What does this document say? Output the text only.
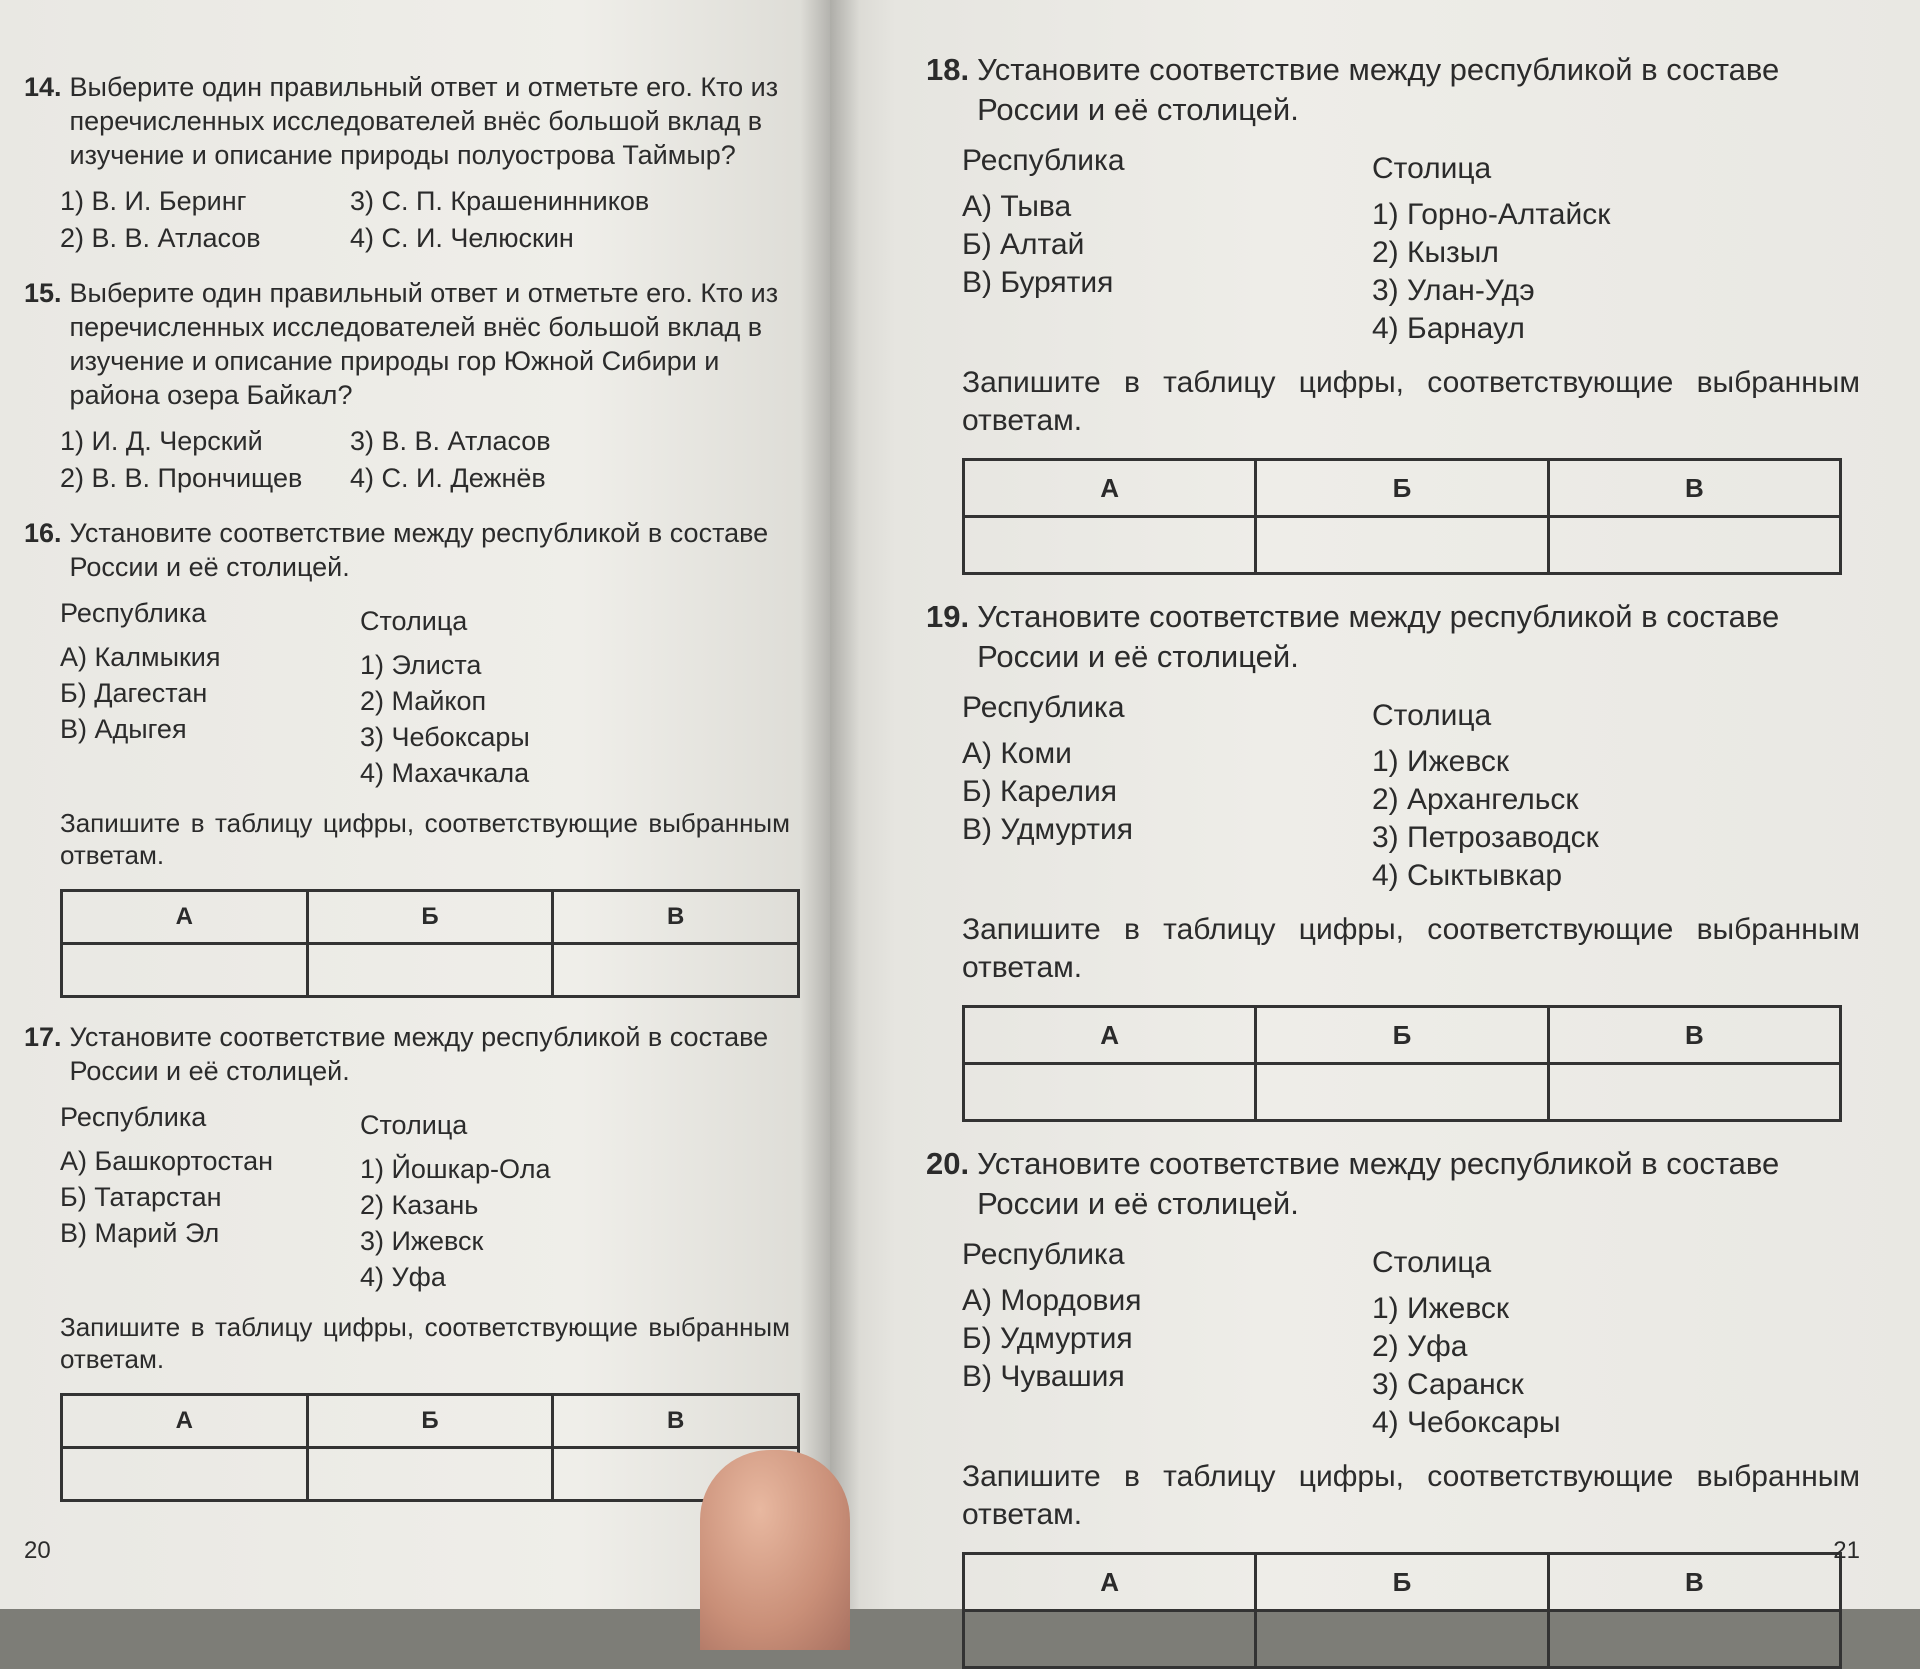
14. Выберите один правильный ответ и отметьте его. Кто из перечисленных исследователей внёс большой вклад в изучение и описание природы полуострова Таймыр?
1) В. И. Беринг	3) С. П. Крашенинников
2) В. В. Атласов	4) С. И. Челюскин
15. Выберите один правильный ответ и отметьте его. Кто из перечисленных исследователей внёс большой вклад в изучение и описание природы гор Южной Сибири и района озера Байкал?
1) И. Д. Черский	3) В. В. Атласов
2) В. В. Прончищев	4) С. И. Дежнёв
16. Установите соответствие между республикой в составе России и её столицей.
Республика
А) Калмыкия
Б) Дагестан
В) Адыгея
Столица
1) Элиста
2) Майкоп
3) Чебоксары
4) Махачкала
Запишите в таблицу цифры, соответствующие выбранным ответам.
А	Б	В

17. Установите соответствие между республикой в составе России и её столицей.
Республика
А) Башкортостан
Б) Татарстан
В) Марий Эл
Столица
1) Йошкар-Ола
2) Казань
3) Ижевск
4) Уфа
Запишите в таблицу цифры, соответствующие выбранным ответам.
А	Б	В

20
18. Установите соответствие между республикой в составе России и её столицей.
Республика
А) Тыва
Б) Алтай
В) Бурятия
Столица
1) Горно-Алтайск
2) Кызыл
3) Улан-Удэ
4) Барнаул
Запишите в таблицу цифры, соответствующие выбранным ответам.
А	Б	В

19. Установите соответствие между республикой в составе России и её столицей.
Республика
А) Коми
Б) Карелия
В) Удмуртия
Столица
1) Ижевск
2) Архангельск
3) Петрозаводск
4) Сыктывкар
Запишите в таблицу цифры, соответствующие выбранным ответам.
А	Б	В

20. Установите соответствие между республикой в составе России и её столицей.
Республика
А) Мордовия
Б) Удмуртия
В) Чувашия
Столица
1) Ижевск
2) Уфа
3) Саранск
4) Чебоксары
Запишите в таблицу цифры, соответствующие выбранным ответам.
А	Б	В

21
